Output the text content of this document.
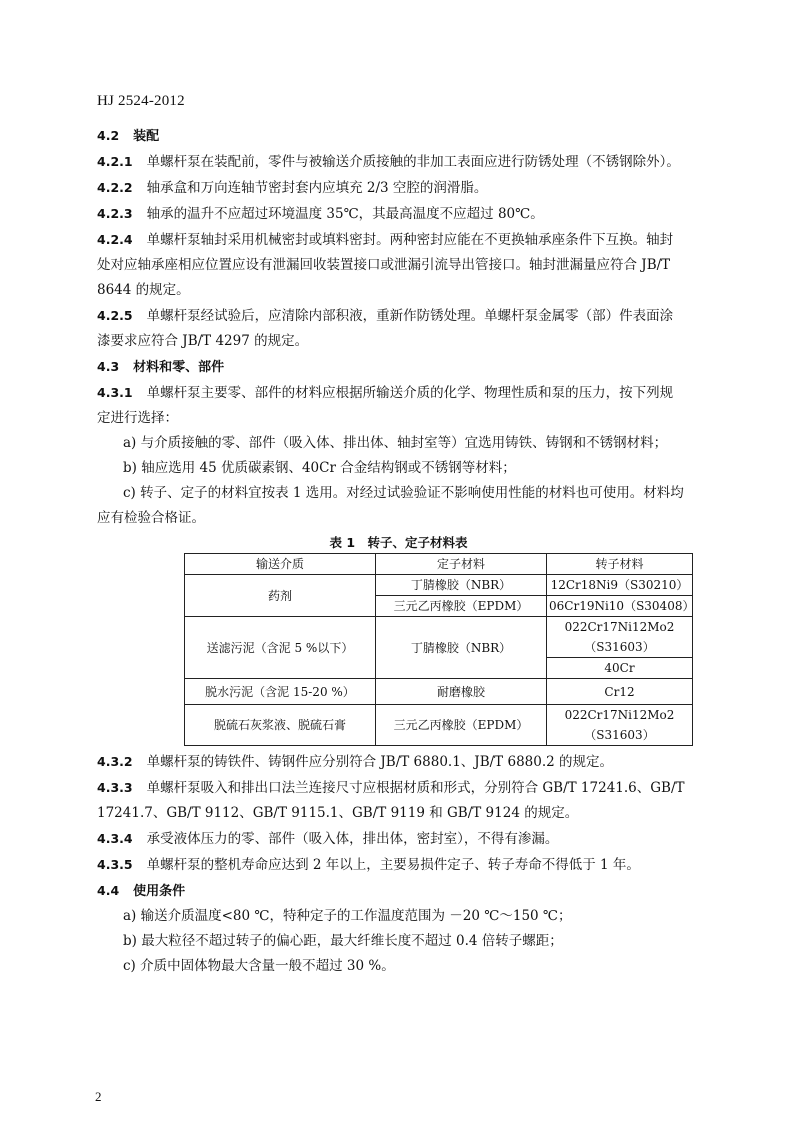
HJ 2524-2012
4.2 装配
4.2.1 单螺杆泵在装配前，零件与被输送介质接触的非加工表面应进行防锈处理（不锈钢除外）。
4.2.2 轴承盒和万向连轴节密封套内应填充 2/3 空腔的润滑脂。
4.2.3 轴承的温升不应超过环境温度 35℃，其最高温度不应超过 80℃。
4.2.4 单螺杆泵轴封采用机械密封或填料密封。两种密封应能在不更换轴承座条件下互换。轴封
处对应轴承座相应位置应设有泄漏回收装置接口或泄漏引流导出管接口。轴封泄漏量应符合 JB/T
8644 的规定。
4.2.5 单螺杆泵经试验后，应清除内部积液，重新作防锈处理。单螺杆泵金属零（部）件表面涂
漆要求应符合 JB/T 4297 的规定。
4.3 材料和零、部件
4.3.1 单螺杆泵主要零、部件的材料应根据所输送介质的化学、物理性质和泵的压力，按下列规
定进行选择：
a) 与介质接触的零、部件（吸入体、排出体、轴封室等）宜选用铸铁、铸钢和不锈钢材料；
b) 轴应选用 45 优质碳素钢、40Cr 合金结构钢或不锈钢等材料；
c) 转子、定子的材料宜按表 1 选用。对经过试验验证不影响使用性能的材料也可使用。材料均
应有检验合格证。
表 1　转子、定子材料表
输送介质	定子材料	转子材料
药剂	丁腈橡胶（NBR）	12Cr18Ni9（S30210）
	三元乙丙橡胶（EPDM）	06Cr19Ni10（S30408）
送滤污泥（含泥 5 %以下）	丁腈橡胶（NBR）	022Cr17Ni12Mo2（S31603）
		40Cr
脱水污泥（含泥 15-20 %）	耐磨橡胶	Cr12
脱硫石灰浆液、脱硫石膏	三元乙丙橡胶（EPDM）	022Cr17Ni12Mo2（S31603）
4.3.2 单螺杆泵的铸铁件、铸钢件应分别符合 JB/T 6880.1、JB/T 6880.2 的规定。
4.3.3 单螺杆泵吸入和排出口法兰连接尺寸应根据材质和形式，分别符合 GB/T 17241.6、GB/T
17241.7、GB/T 9112、GB/T 9115.1、GB/T 9119 和 GB/T 9124 的规定。
4.3.4 承受液体压力的零、部件（吸入体，排出体，密封室），不得有渗漏。
4.3.5 单螺杆泵的整机寿命应达到 2 年以上，主要易损件定子、转子寿命不得低于 1 年。
4.4 使用条件
a) 输送介质温度<80 ℃，特种定子的工作温度范围为 －20 ℃～150 ℃；
b) 最大粒径不超过转子的偏心距，最大纤维长度不超过 0.4 倍转子螺距；
c) 介质中固体物最大含量一般不超过 30 %。
2
